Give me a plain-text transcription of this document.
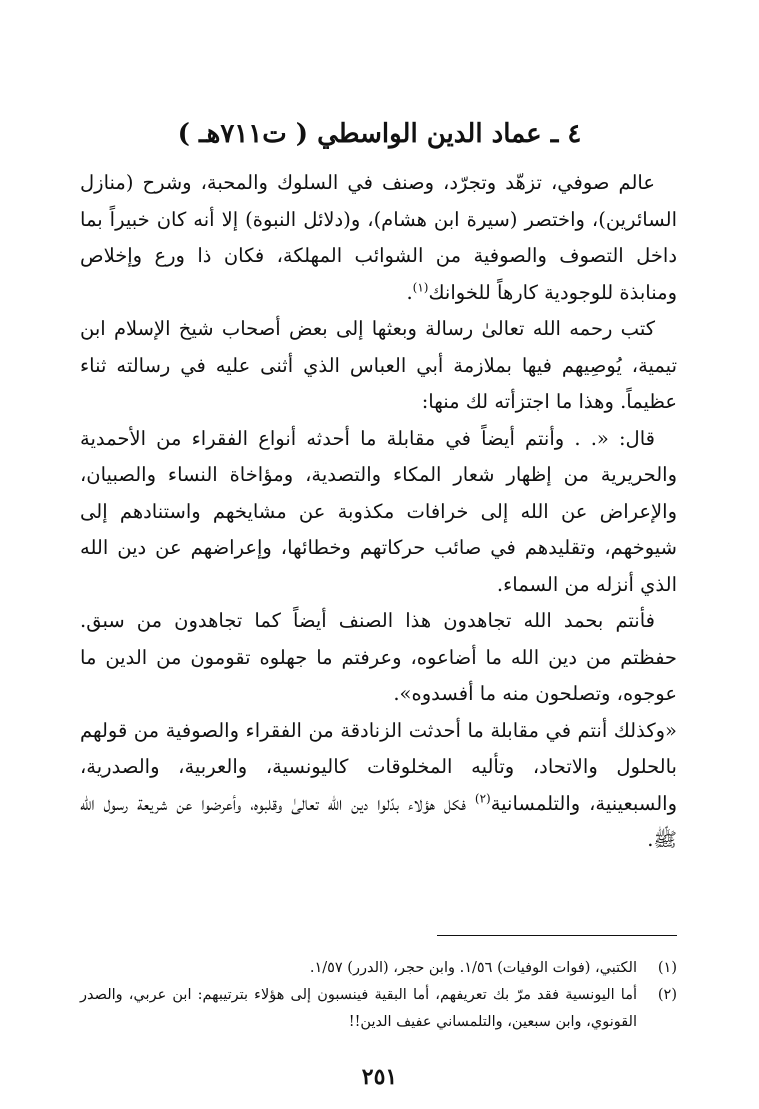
٤ ـ عماد الدين الواسطي ( ت٧١١هـ )

عالم صوفي، تزهّد وتجرّد، وصنف في السلوك والمحبة، وشرح (منازل السائرين)، واختصر (سيرة ابن هشام)، و(دلائل النبوة) إلا أنه كان خبيراً بما داخل التصوف والصوفية من الشوائب المهلكة، فكان ذا ورع وإخلاص ومنابذة للوجودية كارهاً للخوانك$^{(١)}$.

كتب رحمه الله تعالىٰ رسالة وبعثها إلى بعض أصحاب شيخ الإسلام ابن تيمية، يُوصِيهم فيها بملازمة أبي العباس الذي أثنى عليه في رسالته ثناء عظيماً. وهذا ما اجتزأته لك منها:

قال: «. . وأنتم أيضاً في مقابلة ما أحدثه أنواع الفقراء من الأحمدية والحريرية من إظهار شعار المكاء والتصدية، ومؤاخاة النساء والصبيان، والإعراض عن الله إلى خرافات مكذوبة عن مشايخهم واستنادهم إلى شيوخهم، وتقليدهم في صائب حركاتهم وخطائها، وإعراضهم عن دين الله الذي أنزله من السماء.

فأنتم بحمد الله تجاهدون هذا الصنف أيضاً كما تجاهدون من سبق. حفظتم من دين الله ما أضاعوه، وعرفتم ما جهلوه تقومون من الدين ما عوجوه، وتصلحون منه ما أفسدوه».

«وكذلك أنتم في مقابلة ما أحدثت الزنادقة من الفقراء والصوفية من قولهم بالحلول والاتحاد، وتأليه المخلوقات كاليونسية، والعربية، والصدرية، والسبعينية، والتلمسانية$^{(٢)}$ فكل هؤلاء بدّلوا دين الله تعالىٰ وقلبوه، وأعرضوا عن شريعة رسول الله ﷺ.

(١)
الكتبي، (فوات الوفيات) ١/٥٦. وابن حجر، (الدرر) ١/٥٧.
(٢)
أما اليونسية فقد مرّ بك تعريفهم، أما البقية فينسبون إلى هؤلاء بترتيبهم: ابن عربي، والصدر القونوي، وابن سبعين، والتلمساني عفيف الدين!!
٢٥١
